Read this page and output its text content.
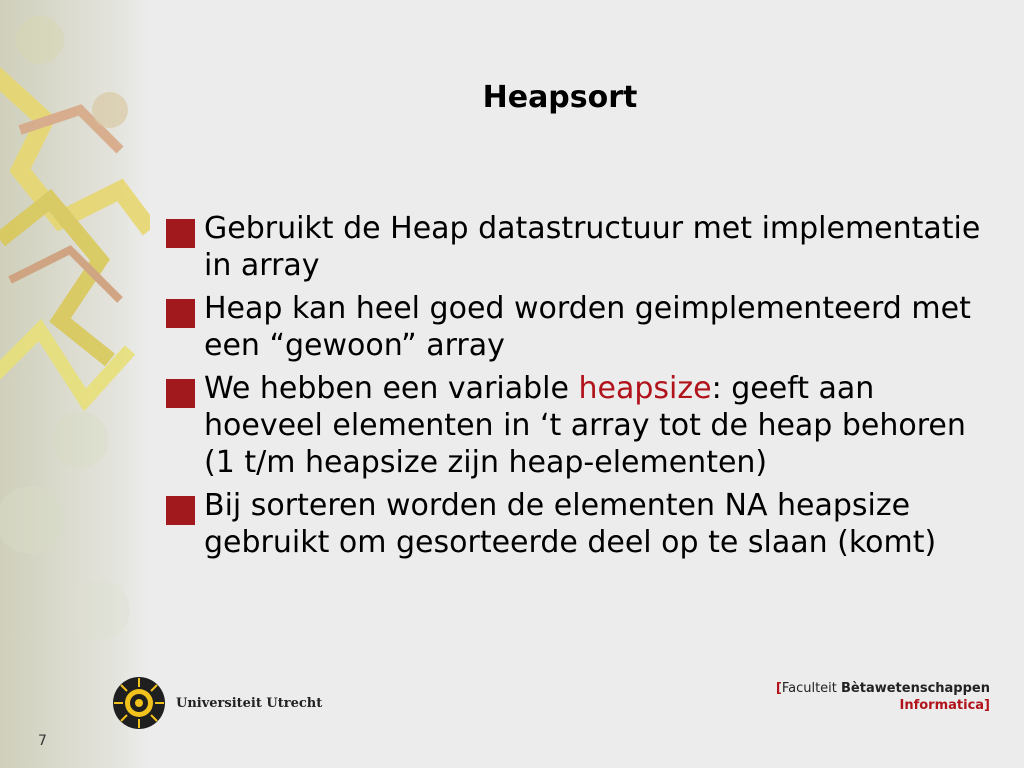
Heapsort
Gebruikt de Heap datastructuur met implementatie in array
Heap kan heel goed worden geimplementeerd met een “gewoon” array
We hebben een variable heapsize: geeft aan hoeveel elementen in ‘t array tot de heap behoren (1 t/m heapsize zijn heap-elementen)
Bij sorteren worden de elementen NA heapsize gebruikt om gesorteerde deel op te slaan (komt)
Universiteit Utrecht
[Faculteit Bètawetenschappen
Informatica]
7
